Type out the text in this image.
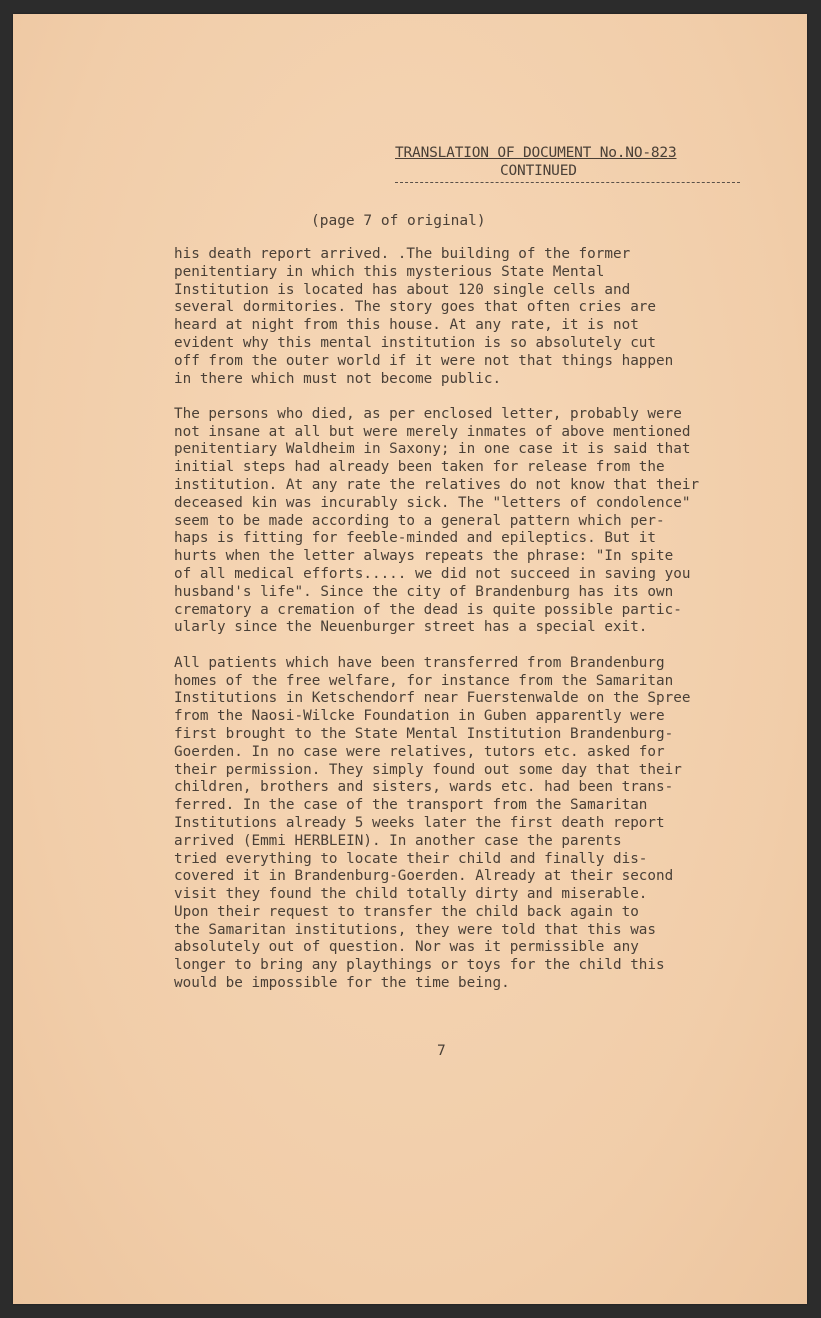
TRANSLATION OF DOCUMENT No.NO-823
CONTINUED
(page 7 of original)
his death report arrived. .The building of the former
penitentiary in which this mysterious State Mental
Institution is located has about 120 single cells and
several dormitories. The story goes that often cries are
heard at night from this house. At any rate, it is not
evident why this mental institution is so absolutely cut
off from the outer world if it were not that things happen
in there which must not become public.
The persons who died, as per enclosed letter, probably were
not insane at all but were merely inmates of above mentioned
penitentiary Waldheim in Saxony; in one case it is said that
initial steps had already been taken for release from the
institution. At any rate the relatives do not know that their
deceased kin was incurably sick. The "letters of condolence"
seem to be made according to a general pattern which per-
haps is fitting for feeble-minded and epileptics. But it
hurts when the letter always repeats the phrase: "In spite
of all medical efforts..... we did not succeed in saving you
husband's life". Since the city of Brandenburg has its own
crematory a cremation of the dead is quite possible partic-
ularly since the Neuenburger street has a special exit.
All patients which have been transferred from Brandenburg
homes of the free welfare, for instance from the Samaritan
Institutions in Ketschendorf near Fuerstenwalde on the Spree
from the Naosi-Wilcke Foundation in Guben apparently were
first brought to the State Mental Institution Brandenburg-
Goerden. In no case were relatives, tutors etc. asked for
their permission. They simply found out some day that their
children, brothers and sisters, wards etc. had been trans-
ferred. In the case of the transport from the Samaritan
Institutions already 5 weeks later the first death report
arrived (Emmi HERBLEIN). In another case the parents
tried everything to locate their child and finally dis-
covered it in Brandenburg-Goerden. Already at their second
visit they found the child totally dirty and miserable.
Upon their request to transfer the child back again to
the Samaritan institutions, they were told that this was
absolutely out of question. Nor was it permissible any
longer to bring any playthings or toys for the child this
would be impossible for the time being.
7
